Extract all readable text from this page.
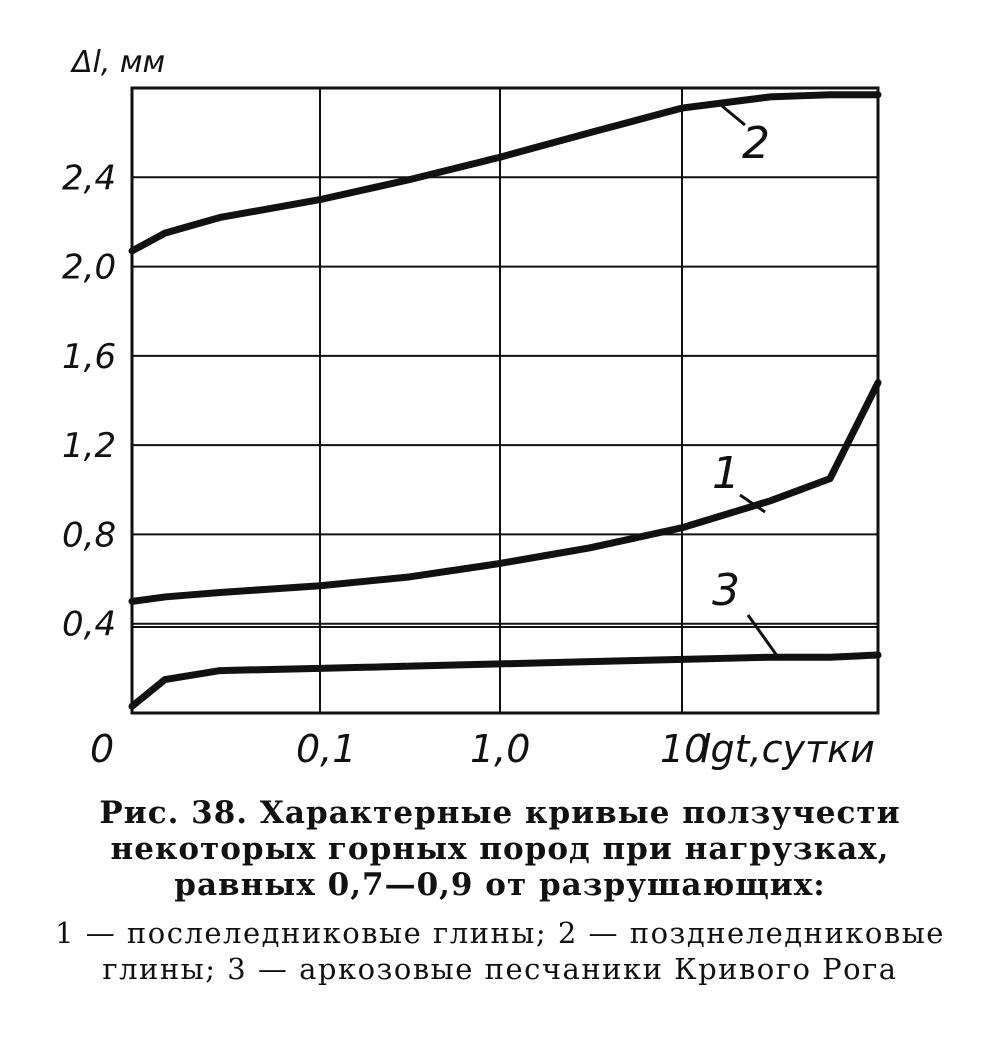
0,4
0,8
1,2
1,6
2,0
2,4
0	0,1	1,0	10
2
1
3
Δl, мм
lgt,сутки
Рис. 38. Характерные кривые ползучести некоторых горных пород при нагрузках, равных 0,7—0,9 от разрушающих:
1 — послеледниковые глины; 2 — позднеледниковые глины; 3 — аркозовые песчаники Кривого Рога
